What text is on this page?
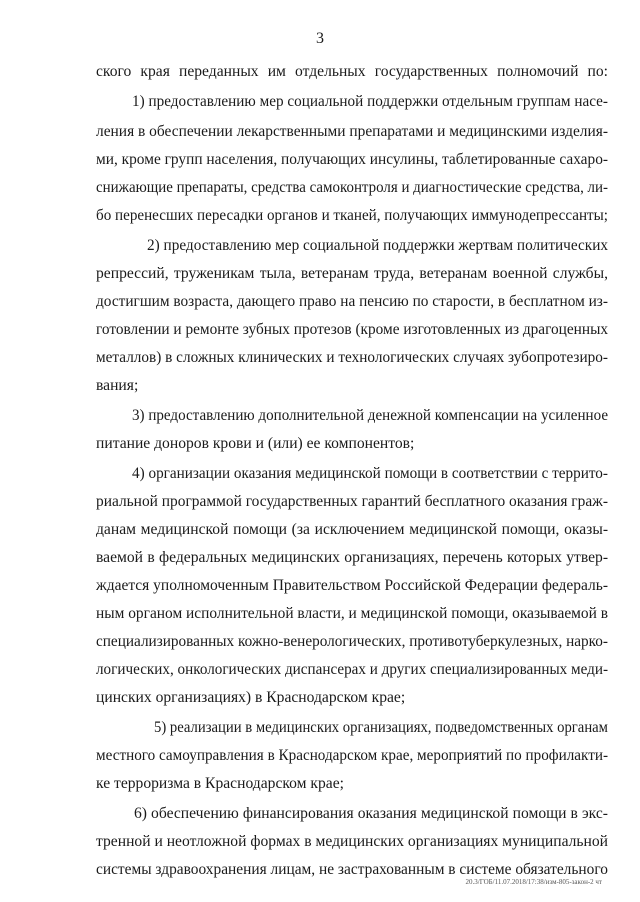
3
ского края переданных им отдельных государственных полномочий по:
1) предоставлению мер социальной поддержки отдельным группам насе-
ления в обеспечении лекарственными препаратами и медицинскими изделия-
ми, кроме групп населения, получающих инсулины, таблетированные сахаро-
снижающие препараты, средства самоконтроля и диагностические средства, ли-
бо перенесших пересадки органов и тканей, получающих иммунодепрессанты;
2) предоставлению мер социальной поддержки жертвам политических
репрессий, труженикам тыла, ветеранам труда, ветеранам военной службы,
достигшим возраста, дающего право на пенсию по старости, в бесплатном из-
готовлении и ремонте зубных протезов (кроме изготовленных из драгоценных
металлов) в сложных клинических и технологических случаях зубопротезиро-
вания;
3) предоставлению дополнительной денежной компенсации на усиленное
питание доноров крови и (или) ее компонентов;
4) организации оказания медицинской помощи в соответствии с террито-
риальной программой государственных гарантий бесплатного оказания граж-
данам медицинской помощи (за исключением медицинской помощи, оказы-
ваемой в федеральных медицинских организациях, перечень которых утвер-
ждается уполномоченным Правительством Российской Федерации федераль-
ным органом исполнительной власти, и медицинской помощи, оказываемой в
специализированных кожно-венерологических, противотуберкулезных, нарко-
логических, онкологических диспансерах и других специализированных меди-
цинских организациях) в Краснодарском крае;
5) реализации в медицинских организациях, подведомственных органам
местного самоуправления в Краснодарском крае, мероприятий по профилакти-
ке терроризма в Краснодарском крае;
6) обеспечению финансирования оказания медицинской помощи в экс-
тренной и неотложной формах в медицинских организациях муниципальной
системы здравоохранения лицам, не застрахованным в системе обязательного
20.3/ГОБ/11.07.2018/17:38/изм-805-закон-2 чт
